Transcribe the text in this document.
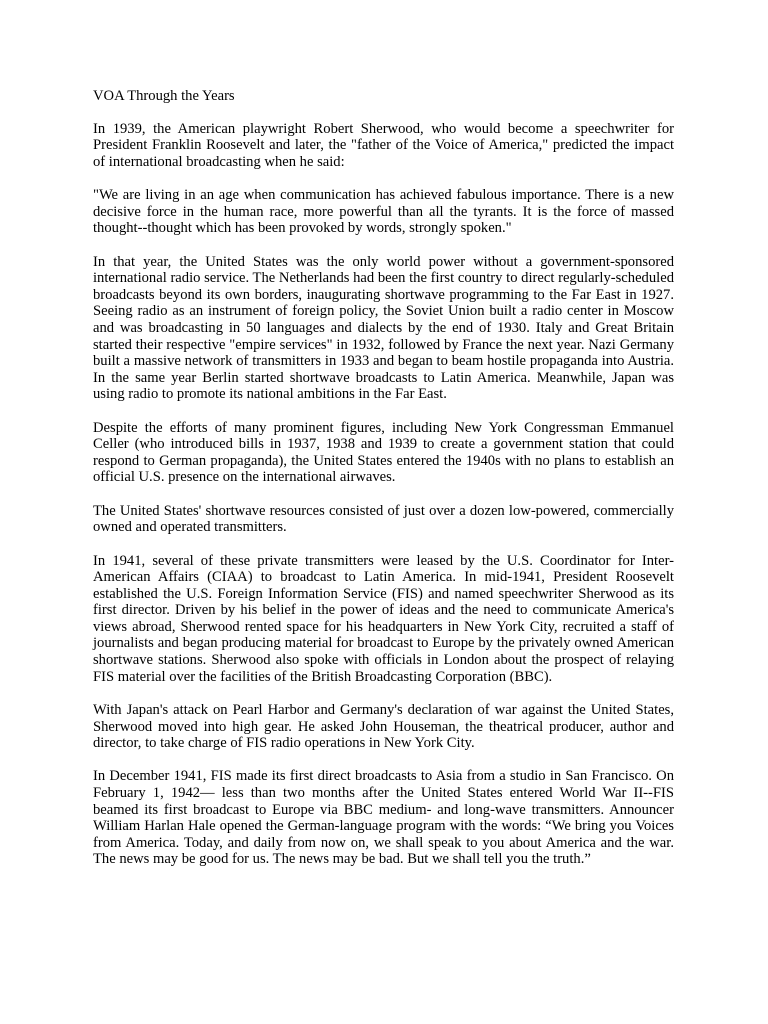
VOA Through the Years

In 1939, the American playwright Robert Sherwood, who would become a speechwriter for President Franklin Roosevelt and later, the "father of the Voice of America," predicted the impact of international broadcasting when he said:

"We are living in an age when communication has achieved fabulous importance. There is a new decisive force in the human race, more powerful than all the tyrants. It is the force of massed thought--thought which has been provoked by words, strongly spoken."

In that year, the United States was the only world power without a government-sponsored international radio service. The Netherlands had been the first country to direct regularly-scheduled broadcasts beyond its own borders, inaugurating shortwave programming to the Far East in 1927. Seeing radio as an instrument of foreign policy, the Soviet Union built a radio center in Moscow and was broadcasting in 50 languages and dialects by the end of 1930. Italy and Great Britain started their respective "empire services" in 1932, followed by France the next year. Nazi Germany built a massive network of transmitters in 1933 and began to beam hostile propaganda into Austria. In the same year Berlin started shortwave broadcasts to Latin America. Meanwhile, Japan was using radio to promote its national ambitions in the Far East.

Despite the efforts of many prominent figures, including New York Congressman Emmanuel Celler (who introduced bills in 1937, 1938 and 1939 to create a government station that could respond to German propaganda), the United States entered the 1940s with no plans to establish an official U.S. presence on the international airwaves.

The United States' shortwave resources consisted of just over a dozen low-powered, commercially owned and operated transmitters.

In 1941, several of these private transmitters were leased by the U.S. Coordinator for Inter-American Affairs (CIAA) to broadcast to Latin America. In mid-1941, President Roosevelt established the U.S. Foreign Information Service (FIS) and named speechwriter Sherwood as its first director. Driven by his belief in the power of ideas and the need to communicate America's views abroad, Sherwood rented space for his headquarters in New York City, recruited a staff of journalists and began producing material for broadcast to Europe by the privately owned American shortwave stations. Sherwood also spoke with officials in London about the prospect of relaying FIS material over the facilities of the British Broadcasting Corporation (BBC).

With Japan's attack on Pearl Harbor and Germany's declaration of war against the United States, Sherwood moved into high gear. He asked John Houseman, the theatrical producer, author and director, to take charge of FIS radio operations in New York City.

In December 1941, FIS made its first direct broadcasts to Asia from a studio in San Francisco. On February 1, 1942— less than two months after the United States entered World War II--FIS beamed its first broadcast to Europe via BBC medium- and long-wave transmitters. Announcer William Harlan Hale opened the German-language program with the words: “We bring you Voices from America. Today, and daily from now on, we shall speak to you about America and the war. The news may be good for us. The news may be bad. But we shall tell you the truth.”
